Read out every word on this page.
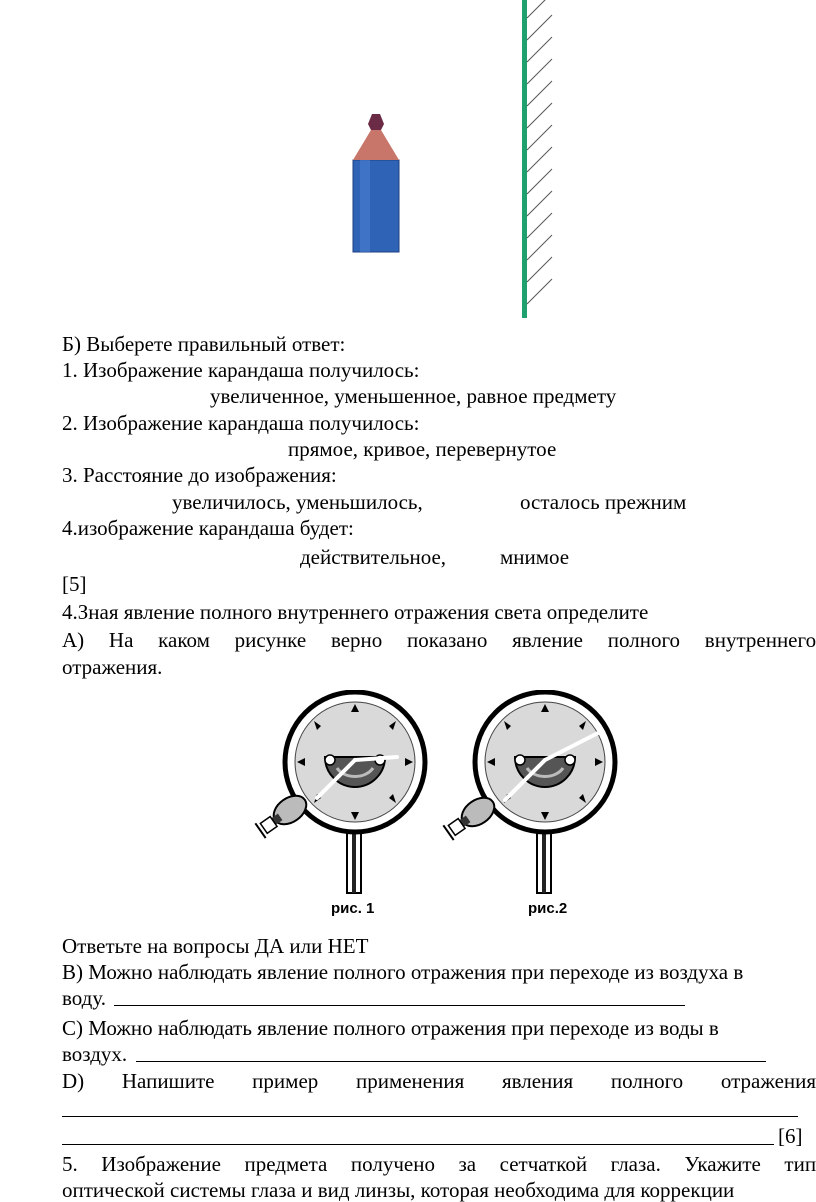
Б) Выберете правильный ответ:
1. Изображение карандаша получилось:
увеличенное, уменьшенное, равное предмету
2. Изображение карандаша получилось:
прямое, кривое, перевернутое
3. Расстояние до изображения:
увеличилось, уменьшилось,	осталось прежним
4.изображение карандаша будет:
действительное,	мнимое
[5]
4.Зная явление полного внутреннего отражения света определите
А) На каком рисунке верно показано явление полного внутреннего
отражения.
рис. 1	рис.2
Ответьте на вопросы ДА или НЕТ
В) Можно наблюдать явление полного отражения при переходе из воздуха в
воду.
С) Можно наблюдать явление полного отражения при переходе из воды в
воздух.
D) Напишите пример применения явления полного отражения
[6]
5. Изображение предмета получено за сетчаткой глаза. Укажите тип
оптической системы глаза и вид линзы, которая необходима для коррекции
